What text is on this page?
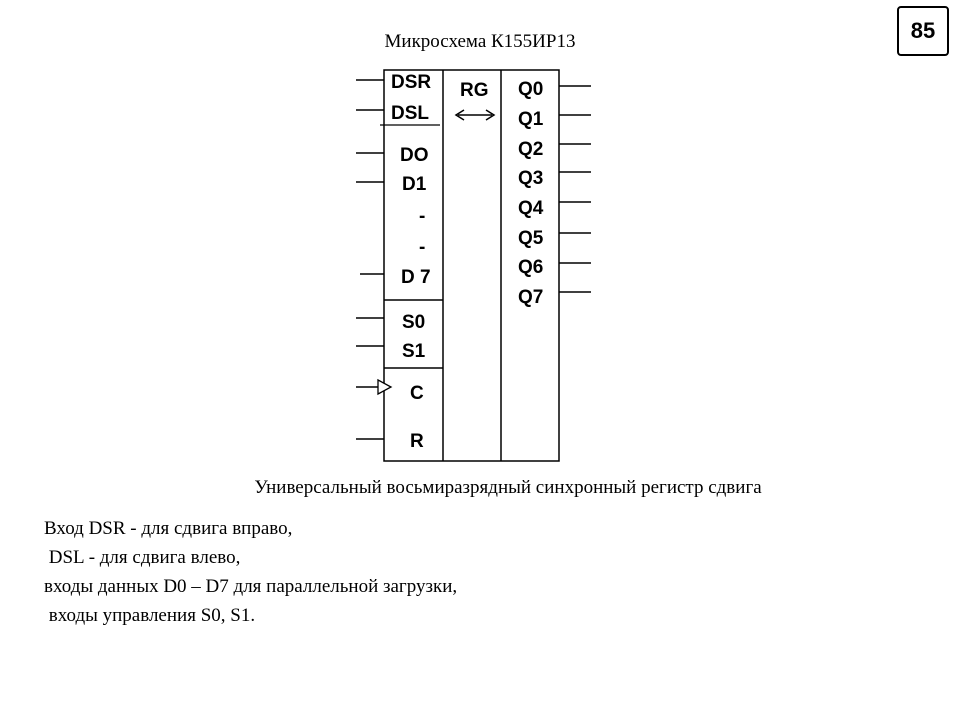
85
Микросхема К155ИР13
RG
DSR
DSL
DO
D1
-
-
D 7
S0
S1
C
R
Q0
Q1
Q2
Q3
Q4
Q5
Q6
Q7
Универсальный восьмиразрядный синхронный регистр сдвига
Вход DSR - для сдвига вправо,
DSL - для сдвига влево,
входы данных D0 – D7 для параллельной загрузки,
входы управления S0, S1.
